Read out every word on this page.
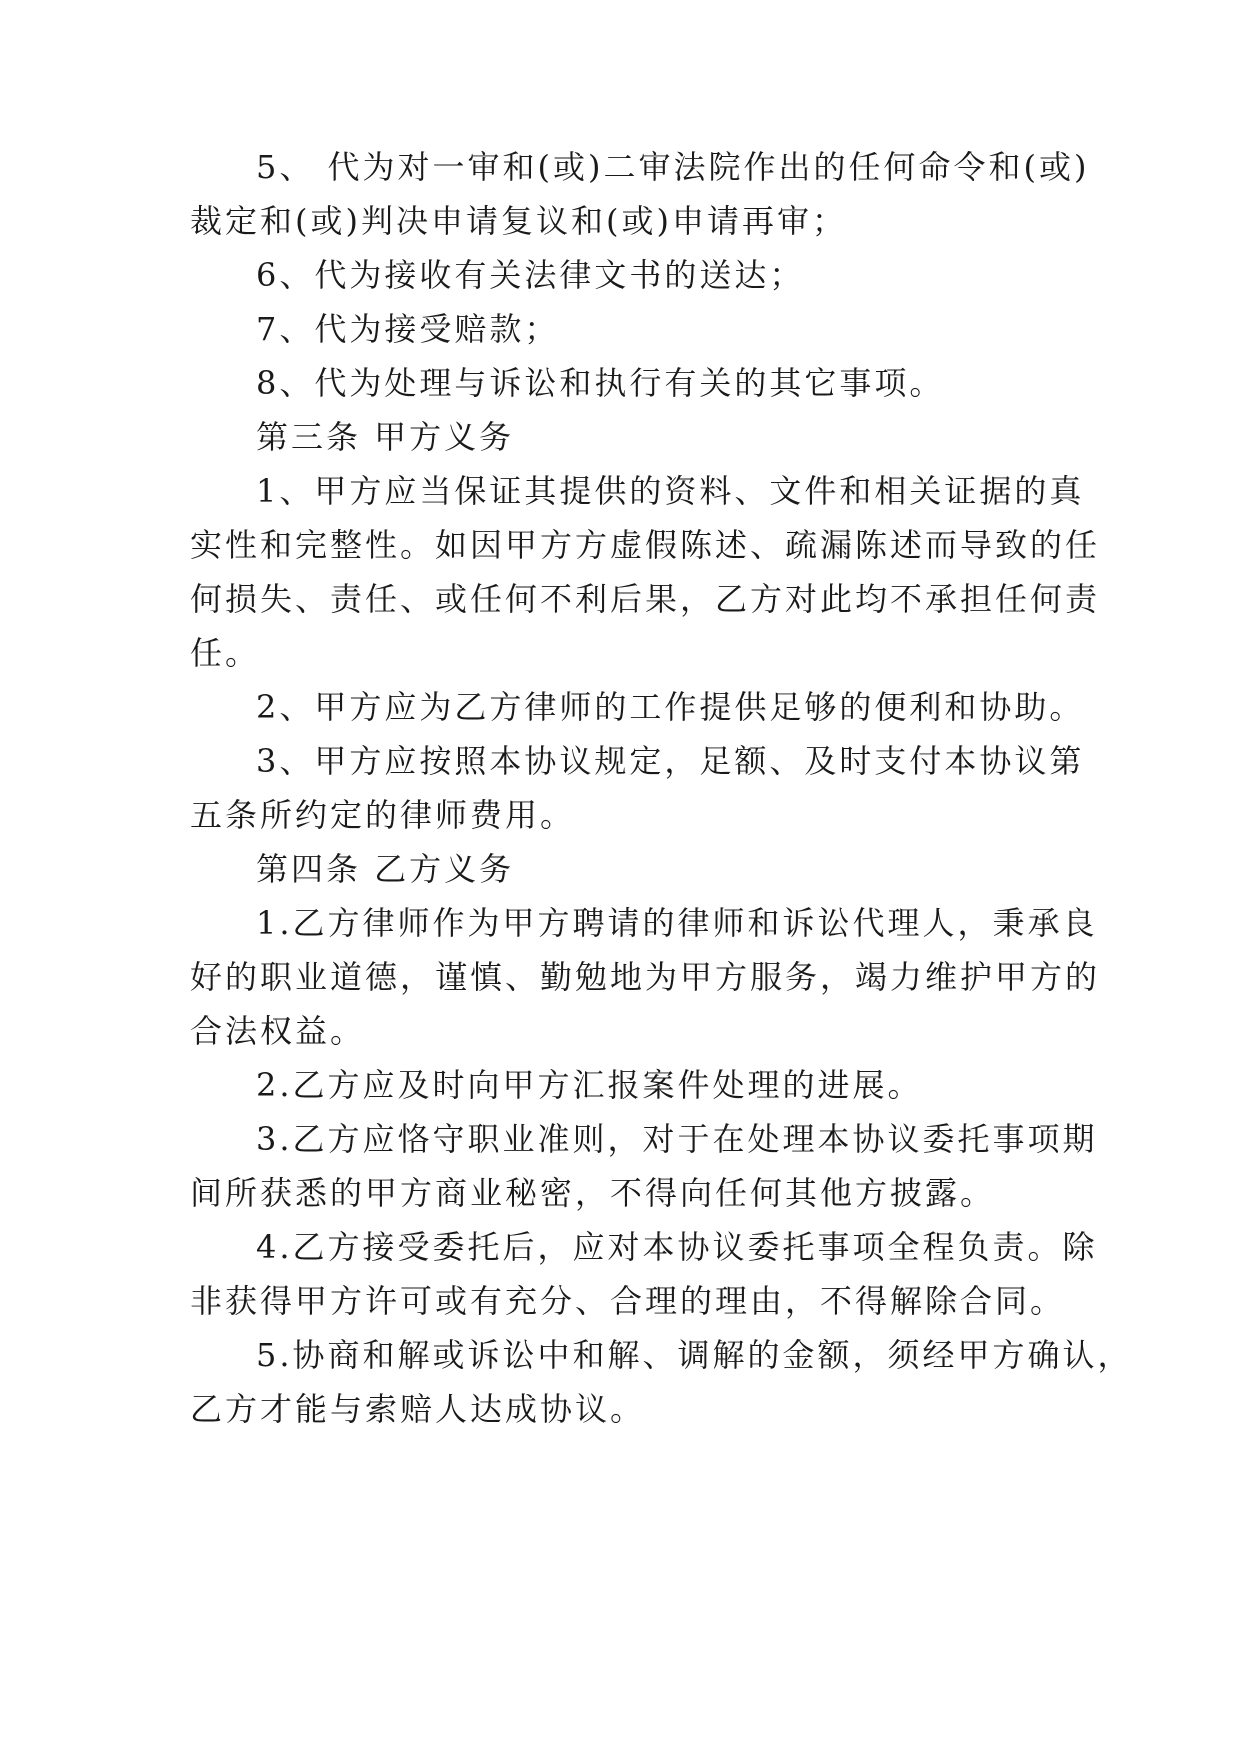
5、 代为对一审和(或)二审法院作出的任何命令和(或)
裁定和(或)判决申请复议和(或)申请再审；
6、代为接收有关法律文书的送达；
7、代为接受赔款；
8、代为处理与诉讼和执行有关的其它事项。
第三条 甲方义务
1、甲方应当保证其提供的资料、文件和相关证据的真
实性和完整性。如因甲方方虚假陈述、疏漏陈述而导致的任
何损失、责任、或任何不利后果，乙方对此均不承担任何责
任。
2、甲方应为乙方律师的工作提供足够的便利和协助。
3、甲方应按照本协议规定，足额、及时支付本协议第
五条所约定的律师费用。
第四条 乙方义务
1.乙方律师作为甲方聘请的律师和诉讼代理人，秉承良
好的职业道德，谨慎、勤勉地为甲方服务，竭力维护甲方的
合法权益。
2.乙方应及时向甲方汇报案件处理的进展。
3.乙方应恪守职业准则，对于在处理本协议委托事项期
间所获悉的甲方商业秘密，不得向任何其他方披露。
4.乙方接受委托后，应对本协议委托事项全程负责。除
非获得甲方许可或有充分、合理的理由，不得解除合同。
5.协商和解或诉讼中和解、调解的金额，须经甲方确认，
乙方才能与索赔人达成协议。
